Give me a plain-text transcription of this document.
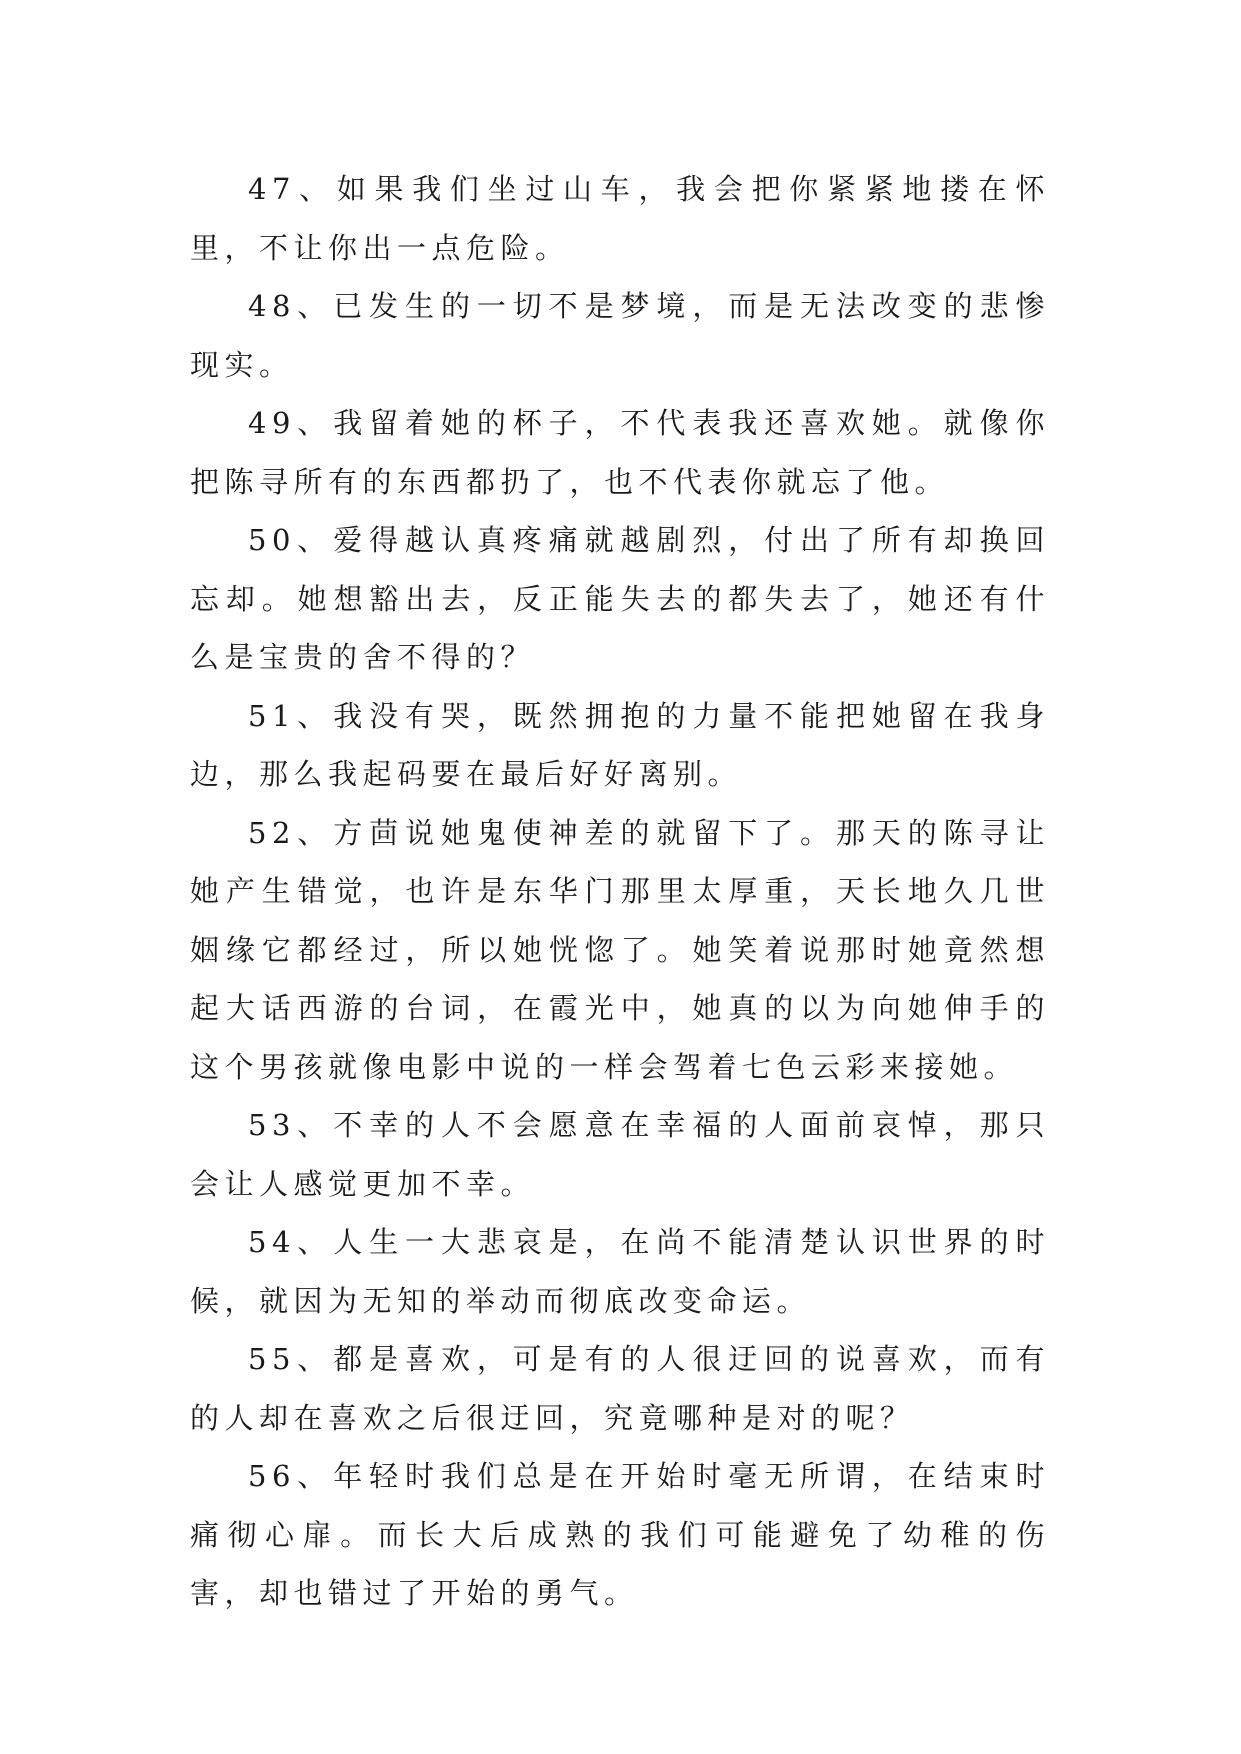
47、如果我们坐过山车，我会把你紧紧地搂在怀里，不让你出一点危险。

48、已发生的一切不是梦境，而是无法改变的悲惨现实。

49、我留着她的杯子，不代表我还喜欢她。就像你把陈寻所有的东西都扔了，也不代表你就忘了他。

50、爱得越认真疼痛就越剧烈，付出了所有却换回忘却。她想豁出去，反正能失去的都失去了，她还有什么是宝贵的舍不得的？

51、我没有哭，既然拥抱的力量不能把她留在我身边，那么我起码要在最后好好离别。

52、方茴说她鬼使神差的就留下了。那天的陈寻让她产生错觉，也许是东华门那里太厚重，天长地久几世姻缘它都经过，所以她恍惚了。她笑着说那时她竟然想起大话西游的台词，在霞光中，她真的以为向她伸手的这个男孩就像电影中说的一样会驾着七色云彩来接她。

53、不幸的人不会愿意在幸福的人面前哀悼，那只会让人感觉更加不幸。

54、人生一大悲哀是，在尚不能清楚认识世界的时候，就因为无知的举动而彻底改变命运。

55、都是喜欢，可是有的人很迂回的说喜欢，而有的人却在喜欢之后很迂回，究竟哪种是对的呢？

56、年轻时我们总是在开始时毫无所谓，在结束时痛彻心扉。而长大后成熟的我们可能避免了幼稚的伤害，却也错过了开始的勇气。
